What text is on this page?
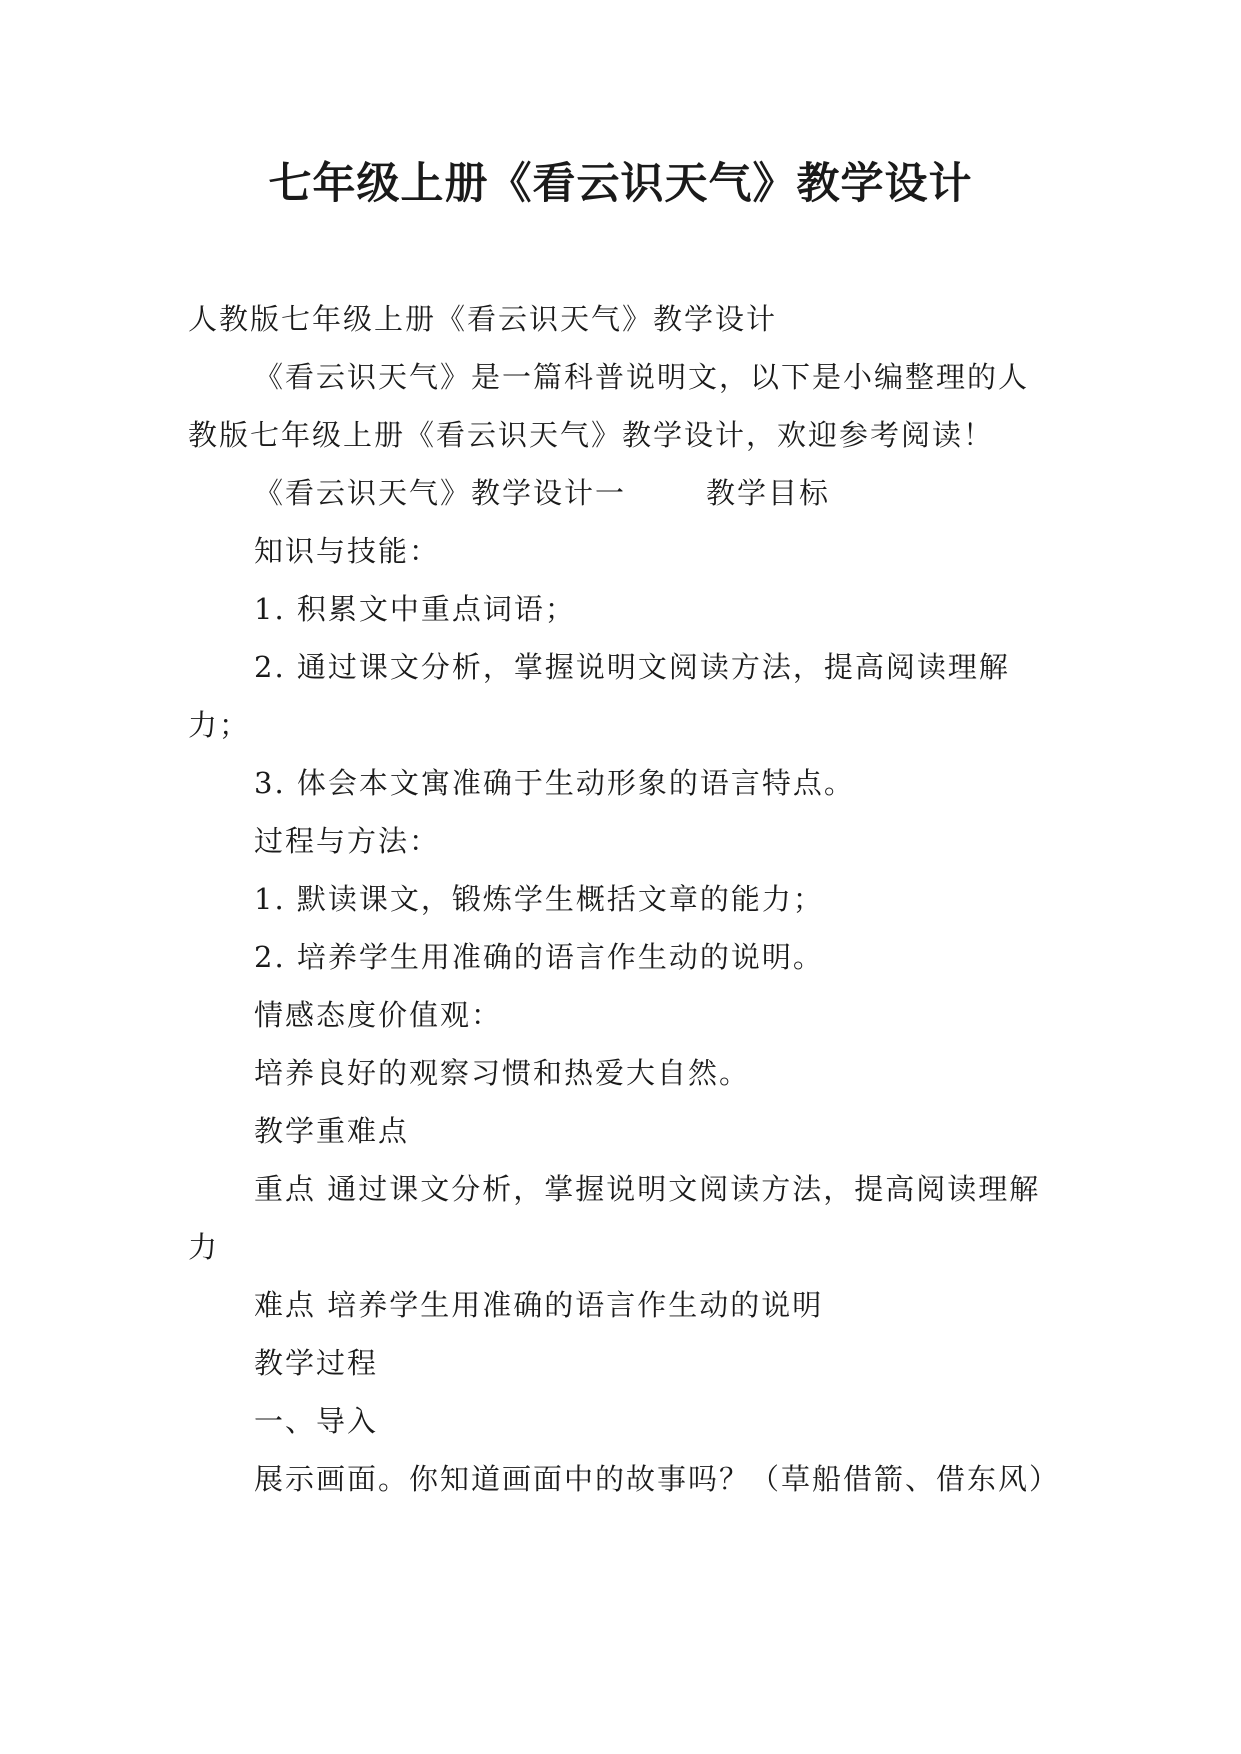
七年级上册《看云识天气》教学设计

人教版七年级上册《看云识天气》教学设计

《看云识天气》是一篇科普说明文，以下是小编整理的人教版七年级上册《看云识天气》教学设计，欢迎参考阅读！

《看云识天气》教学设计一	教学目标

知识与技能：

1. 积累文中重点词语；

2. 通过课文分析，掌握说明文阅读方法，提高阅读理解力；

3. 体会本文寓准确于生动形象的语言特点。

过程与方法：

1. 默读课文，锻炼学生概括文章的能力；

2. 培养学生用准确的语言作生动的说明。

情感态度价值观：

培养良好的观察习惯和热爱大自然。

教学重难点

重点 通过课文分析，掌握说明文阅读方法，提高阅读理解力

难点 培养学生用准确的语言作生动的说明

教学过程

一、导入

展示画面。你知道画面中的故事吗？（草船借箭、借东风）
